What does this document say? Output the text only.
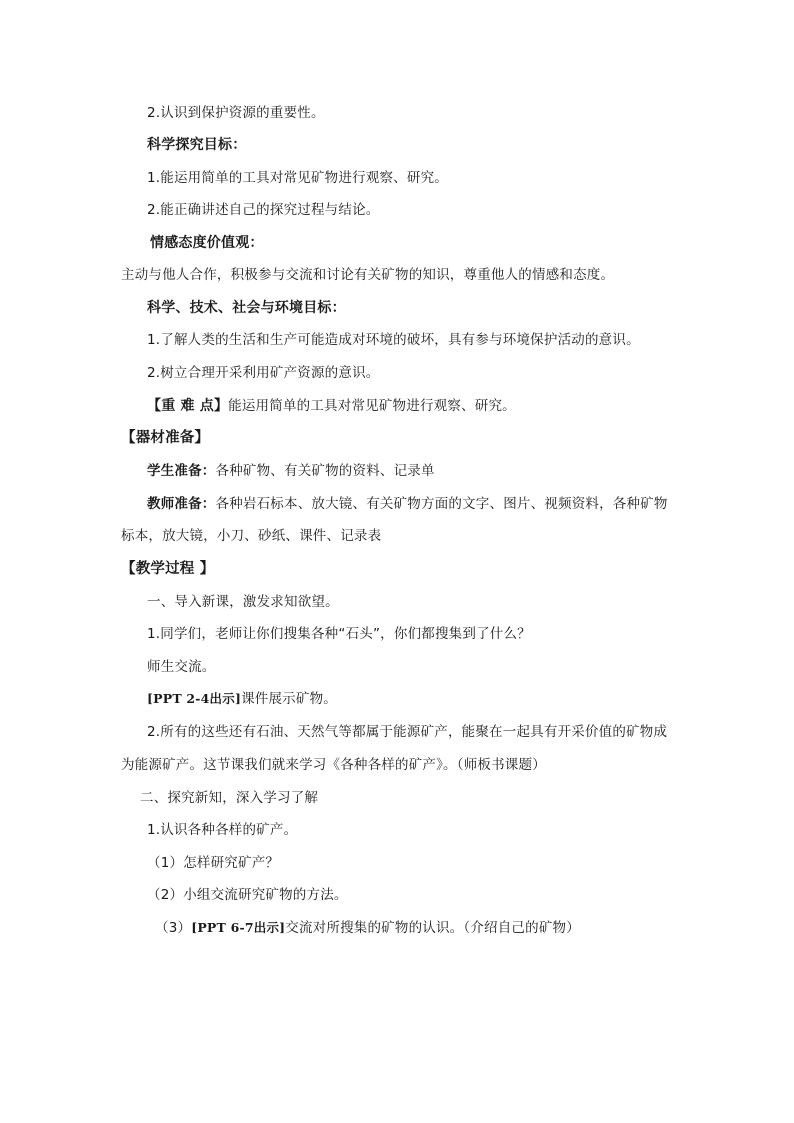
2.认识到保护资源的重要性。
科学探究目标：
1.能运用简单的工具对常见矿物进行观察、研究。
2.能正确讲述自己的探究过程与结论。
情感态度价值观：
主动与他人合作，积极参与交流和讨论有关矿物的知识，尊重他人的情感和态度。
科学、技术、社会与环境目标：
1.了解人类的生活和生产可能造成对环境的破坏，具有参与环境保护活动的意识。
2.树立合理开采利用矿产资源的意识。
【重 难 点】能运用简单的工具对常见矿物进行观察、研究。
【器材准备】
学生准备：各种矿物、有关矿物的资料、记录单
教师准备：各种岩石标本、放大镜、有关矿物方面的文字、图片、视频资料，各种矿物
标本，放大镜，小刀、砂纸、课件、记录表
【教学过程 】
一、导入新课，激发求知欲望。
1.同学们，老师让你们搜集各种“石头”，你们都搜集到了什么？
师生交流。
[PPT 2-4出示]课件展示矿物。
2.所有的这些还有石油、天然气等都属于能源矿产，能聚在一起具有开采价值的矿物成
为能源矿产。这节课我们就来学习《各种各样的矿产》。（师板书课题）
二、探究新知，深入学习了解
1.认识各种各样的矿产。
（1）怎样研究矿产？
（2）小组交流研究矿物的方法。
（3）[PPT 6-7出示]交流对所搜集的矿物的认识。（介绍自己的矿物）
